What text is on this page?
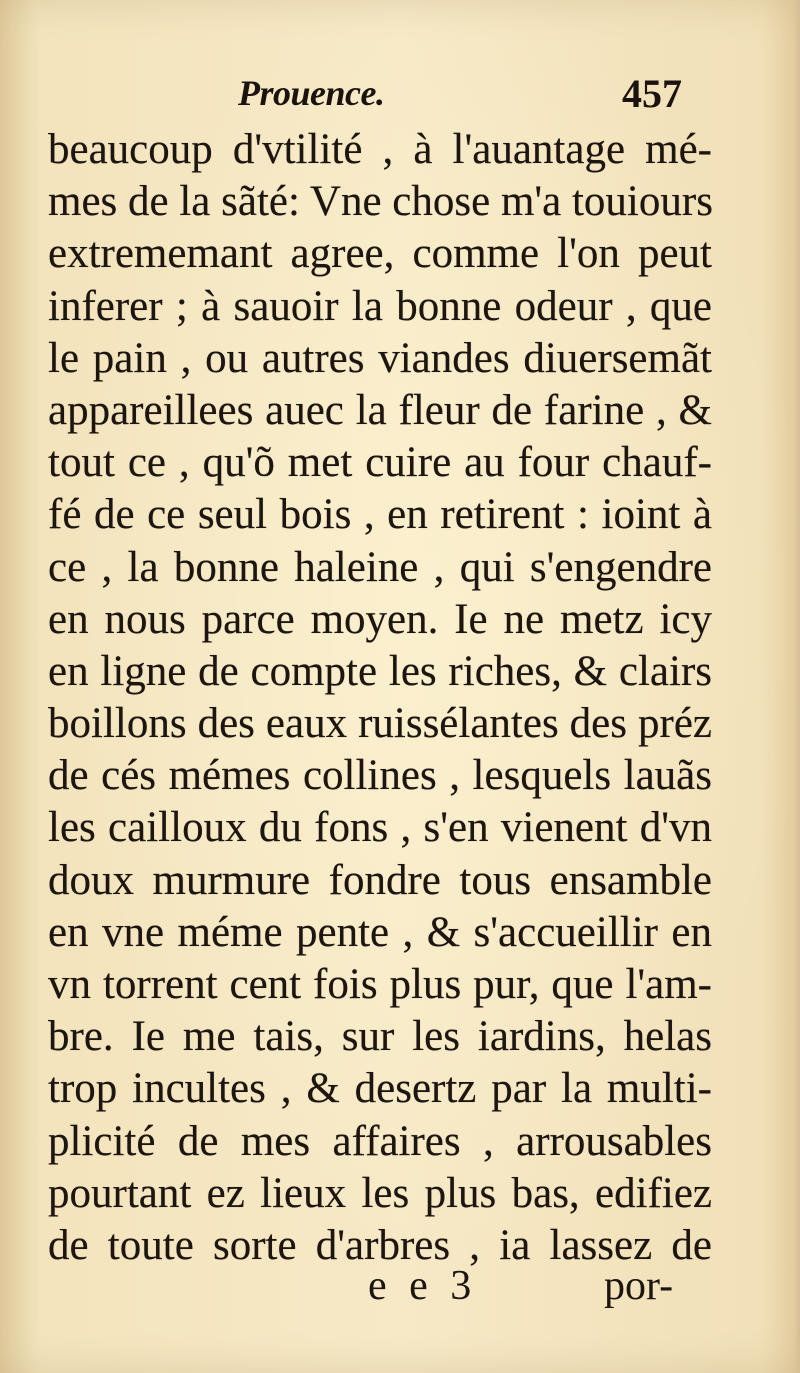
Prouence.	457
beaucoup d'vtilité , à l'auantage mé-
mes de la sãté: Vne chose m'a touiours
extrememant agree, comme l'on peut
inferer ; à sauoir la bonne odeur , que
le pain , ou autres viandes diuersemãt
appareillees auec la fleur de farine , &
tout ce , qu'õ met cuire au four chauf-
fé de ce seul bois , en retirent : ioint à
ce , la bonne haleine , qui s'engendre
en nous parce moyen. Ie ne metz icy
en ligne de compte les riches, & clairs
boillons des eaux ruissélantes des préz
de cés mémes collines , lesquels lauãs
les cailloux du fons , s'en vienent d'vn
doux murmure fondre tous ensamble
en vne méme pente , & s'accueillir en
vn torrent cent fois plus pur, que l'am-
bre. Ie me tais, sur les iardins, helas
trop incultes , & desertz par la multi-
plicité de mes affaires , arrousables
pourtant ez lieux les plus bas, edifiez
de toute sorte d'arbres , ia lassez de
e e 3	por-
